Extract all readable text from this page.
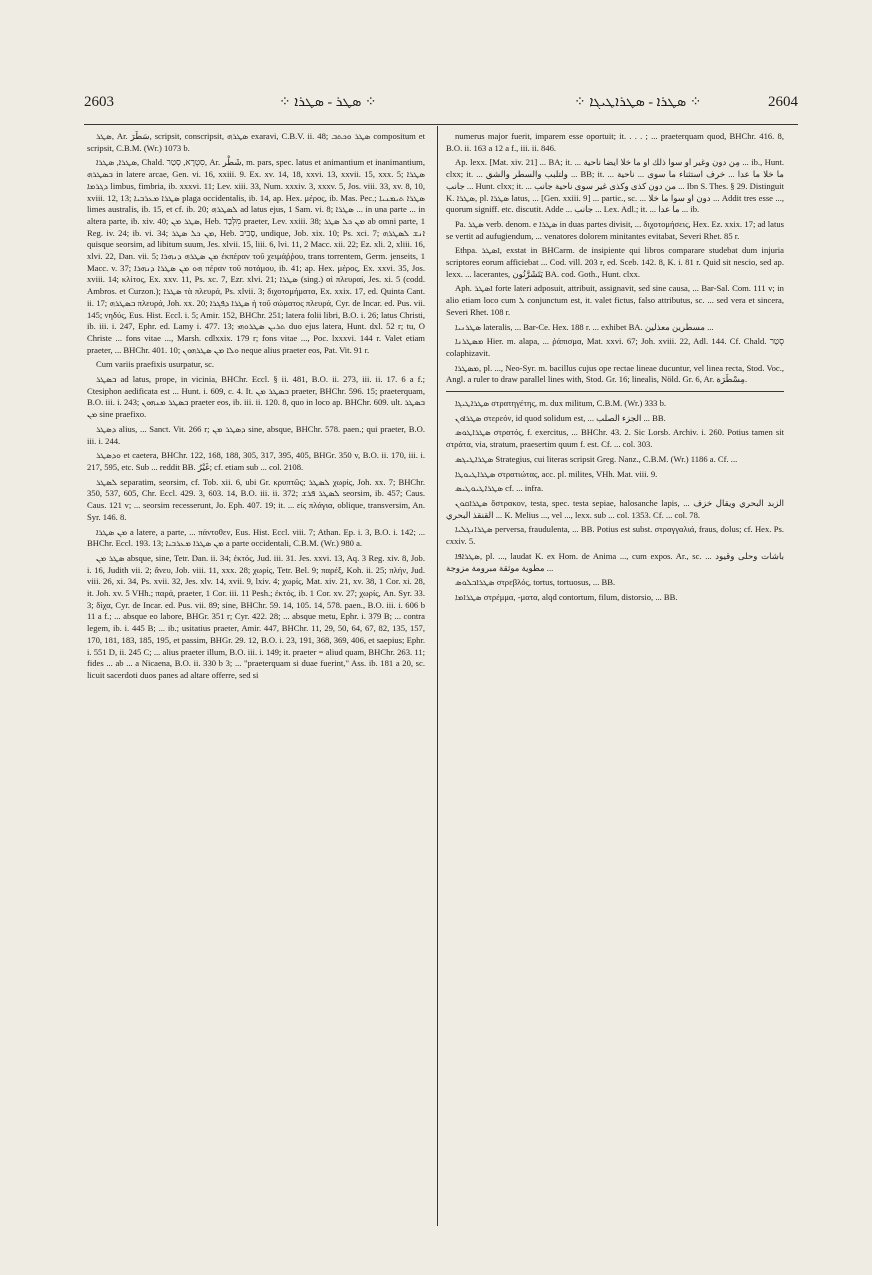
2603	⁘ ܣܛܪ - ܣܛܪܐ ⁘	⁘ ܣܛܪܐ - ܣܛܪܐܛܝܓܐ ⁘	2604

ܣܛܪ, Ar. سَطَرَ, scripsit, conscripsit, ܣܛܪܗ exaravi, C.B.V. ii. 48; ܣܛܪ ܘܟܬܒ compositum et scripsit, C.B.M. (Wr.) 1073 b.

ܣܛܪܐ, ܣܛܪܐ, Chald. סִטְרָא, סְטַר, Ar. شَطْر, m. pars, spec. latus et animantium et inanimantium, ܒܣܛܪܗ in latere arcae, Gen. vi. 16, xxiii. 9. Ex. xv. 14, 18, xxvi. 13, xxvii. 15, xxx. 5; ܣܛܪܐ ܕܓܪܡܐ limbus, fimbria, ib. xxxvi. 11; Lev. xiii. 33, Num. xxxiv. 3, xxxv. 5, Jos. viii. 33, xv. 8, 10, xviii. 12, 13; ܣܛܪܐ ܡܥܪܒܝܐ plaga occidentalis, ib. 14, ap. Hex. μέρος, ib. Mas. Pec.; ܣܛܪܐ ܬܝܡܢܝܐ limes australis, ib. 15, et cf. ib. 20; ܠܣܛܪܗ ad latus ejus, 1 Sam. vi. 8; ܣܛܪܐ ... in una parte ... in altera parte, ib. xiv. 40; ܣܛܪ ܡܢ, Heb. מִלְּבַד praeter, Lev. xxiii. 38; ܡܢ ܟܠ ܣܛܪ ab omni parte, 1 Reg. iv. 24; ib. vi. 34; ܡܢ ܟܠ ܣܛܪ, Heb. סָבִיב, undique, Job. xix. 10; Ps. xci. 7; ܐܢܫ ܠܣܛܪܗ quisque seorsim, ad libitum suum, Jes. xlvii. 15, liii. 6, lvi. 11, 2 Macc. xii. 22; Ez. xli. 2, xliii. 16, xlvi. 22, Dan. vii. 5; ܡܢ ܣܛܪܗ ܕܢܗܪܐ ἐκπέραν τοῦ χειμάῤῥου, trans torrentem, Germ. jenseits, 1 Macc. v. 37; ܗܘ ܡܢ ܣܛܪܐ ܕܢܗܪܐ πέραν τοῦ ποτάμου, ib. 41; ap. Hex. μέρος, Ex. xxvi. 35, Jos. xviii. 14; κλίτος, Ex. xxv. 11, Ps. xc. 7, Ezr. xlvi. 21; ܣܛܪܐ (sing.) αἱ πλευραί, Jes. xi. 5 (codd. Ambros. et Curzon.); ܣܛܪܐ τὰ πλευρά, Ps. xlvii. 3; διχοτομήματα, Ex. xxix. 17, ed. Quinta Cant. ii. 17; ܒܣܛܪܗ πλευρά, Joh. xx. 20; ܣܛܪܐ ܕܦܓܪܐ ἡ τοῦ σώματος πλευρά, Cyr. de Incar. ed. Pus. vii. 145; νηδύς, Eus. Hist. Eccl. i. 5; Amir. 152, BHChr. 251; latera folii libri, B.O. i. 26; latus Christi, ib. iii. i. 247, Ephr. ed. Lamy i. 477. 13; ܬܪܝܢ ܣܛܪܘܗܝ duo ejus latera, Hunt. dxl. 52 r; tu, O Christe ... fons vitae ..., Marsh. cdlxxix. 179 r; fons vitae ..., Poc. lxxxvi. 144 r. Valet etiam praeter, ... BHChr. 401. 10; ܘܠܐ ܡܢ ܣܛܪܗܘܢ neque alius praeter eos, Pat. Vit. 91 r.

Cum variis praefixis usurpatur, sc.

ܒܣܛܪ ad latus, prope, in vicinia, BHChr. Eccl. § ii. 481, B.O. ii. 273, iii. ii. 17. 6 a f.; Ctesiphon aedificata est ... Hunt. i. 609, c. 4. It. ܒܣܛܪ ܡܢ praeter, BHChr. 596. 15; praeterquam, B.O. iii. i. 243; ܒܣܛܪ ܡܢܗܘܢ praeter eos, ib. iii. ii. 120. 8, quo in loco ap. BHChr. 609. ult. ܒܣܛܪ ܡܢ sine praefixo.

ܕܣܛܪ alius, ... Sanct. Vit. 266 r; ܕܣܛܪ ܡܢ sine, absque, BHChr. 578. paen.; qui praeter, B.O. iii. i. 244.

ܘܕܣܛܪ et caetera, BHChr. 122, 168, 188, 305, 317, 395, 405, BHGr. 350 v, B.O. ii. 170, iii. i. 217, 595, etc. Sub ... reddit BB. غَيْرُ; cf. etiam sub ... col. 2108.

ܠܣܛܪ separatim, seorsim, cf. Tob. xii. 6, ubi Gr. κρυπτῶς; ܠܣܛܪ χωρίς, Joh. xx. 7; BHChr. 350, 537, 605, Chr. Eccl. 429. 3, 603. 14, B.O. iii. ii. 372; ܠܣܛܪ ܦܪܫ seorsim, ib. 457; Caus. Caus. 121 v; ... seorsim recesserunt, Jo. Eph. 407. 19; it. ... εἰς πλάγια, oblique, transversim, An. Syr. 146. 8.

ܡܢ ܣܛܪܐ a latere, a parte, ... πάντοθεν, Eus. Hist. Eccl. viii. 7; Athan. Ep. i. 3, B.O. i. 142; ... BHChr. Eccl. 193. 13; ܡܢ ܣܛܪܐ ܡܥܪܒܝܐ a parte occidentali, C.B.M. (Wr.) 980 a.

ܣܛܪ ܡܢ absque, sine, Tetr. Dan. ii. 34; ἐκτός, Jud. iii. 31. Jes. xxvi. 13, Aq. 3 Reg. xiv. 8, Job. i. 16, Judith vii. 2; ἄνευ, Job. viii. 11, xxx. 28; χωρίς, Tetr. Bel. 9; παρέξ, Koh. ii. 25; πλήν, Jud. viii. 26, xi. 34, Ps. xvii. 32, Jes. xlv. 14, xvii. 9, lxiv. 4; χωρίς, Mat. xiv. 21, xv. 38, 1 Cor. xi. 28, it. Joh. xv. 5 VHh.; παρά, praeter, 1 Cor. iii. 11 Pesh.; ἐκτός, ib. 1 Cor. xv. 27; χωρίς, An. Syr. 33. 3; δίχα, Cyr. de Incar. ed. Pus. vii. 89; sine, BHChr. 59. 14, 105. 14, 578. paen., B.O. iii. i. 606 b 11 a f.; ... absque eo labore, BHGr. 351 r; Cyr. 422. 28; ... absque metu, Ephr. i. 379 B; ... contra legem, ib. i. 445 B; ... ib.; usitatius praeter, Amir. 447, BHChr. 11, 29, 50, 64, 67, 82, 135, 157, 170, 181, 183, 185, 195, et passim, BHGr. 29. 12, B.O. i. 23, 191, 368, 369, 406, et saepius; Ephr. i. 551 D, ii. 245 C; ... alius praeter illum, B.O. iii. i. 149; it. praeter = aliud quam, BHChr. 263. 11; fides ... ab ... a Nicaena, B.O. ii. 330 b 3; ... "praeterquam si duae fuerint," Ass. ib. 181 a 20, sc. licuit sacerdoti duos panes ad altare offerre, sed si

numerus major fuerit, imparem esse oportuit; it. . . . ; ... praeterquam quod, BHChr. 416. 8, B.O. ii. 163 a 12 a f., iii. ii. 846.

Ap. lexx. [Mat. xiv. 21] ... BA; it. ... مِن دون وغير او سوا ذلك او ما خلا ايضا ناحية ... ib., Hunt. clxx; it. ... ولتلبب والسطر والشق ... BB; it. ... ما خلا ما عدا ... خرف استثناء ما سوى ... ناحية جانب ... Hunt. clxx; it. ... من دون كذى وكذى غير سوى ناحية جانب ... Ibn S. Thes. § 29. Distinguit K. ܣܛܪܐ, pl. ܣܛܪܐ latus, ... [Gen. xxiii. 9] ... partic., sc. ... دون او سوا ما خلا ... Addit tres esse ..., quorum signiff. etc. discutit. Adde ... جانب ... Lex. Adl.; it. ... ما عدا ... ib.

Pa. ܣܛܪ verb. denom. e ܣܛܪܐ in duas partes divisit, ... διχοτομήσεις, Hex. Ez. xxix. 17; ad latus se vertit ad aufugiendum, ... venatores dolorem minitantes evitabat, Severi Rhet. 85 r.

Ethpa. ܐܣܛܪ, exstat in BHCarm. de insipiente qui libros comparare studebat dum injuria scriptores eorum afficiebat ... Cod. vill. 203 r, ed. Sceb. 142. 8, K. i. 81 r. Quid sit nescio, sed ap. lexx. ... lacerantes, يَتَشَرَّنُون BA. cod. Goth., Hunt. clxx.

Aph. ܐܣܛܪ forte lateri adposuit, attribuit, assignavit, sed sine causa, ... Bar-Sal. Com. 111 v; in alio etiam loco cum ܠ conjunctum est, it. valet fictus, falso attributus, sc. ... sed vera et sincera, Severi Rhet. 108 r.

ܣܛܪܢܝܐ lateralis, ... Bar-Ce. Hex. 188 r. ... exhibet BA. مسطرين معذلين ...

ܡܣܛܪܢܐ Hier. m. alapa, ... ῥάπισμα, Mat. xxvi. 67; Joh. xviii. 22, Adl. 144. Cf. Chald. סְטַר colaphizavit.

ܡܣܛܪܐ, pl. ..., Neo-Syr. m. bacillus cujus ope rectae lineae ducuntur, vel linea recta, Stod. Voc., Angl. a ruler to draw parallel lines with, Stod. Gr. 16; linealis, Nöld. Gr. 6, Ar. مِسْطَرَة.

ܣܛܪܐܛܝܓܐ στρατηγέτης, m. dux militum, C.B.M. (Wr.) 333 b.

ܣܛܪܐܘܢ στερεόν, id quod solidum est, ... الجزء الصلب ... BB.

ܣܛܪܐܛܘܣ στρατός, f. exercitus, ... BHChr. 43. 2. Sic Lorsb. Archiv. i. 260. Potius tamen sit στράτα, via, stratum, praesertim quum f. est. Cf. ... col. 303.

ܣܛܪܐܛܝܓܣ Strategius, cui literas scripsit Greg. Nanz., C.B.M. (Wr.) 1186 a. Cf. ...

ܣܛܪܐܛܝܘܛܐ στρατιώτας, acc. pl. milites, VHh. Mat. viii. 9.

ܣܛܪܐܛܝܘܛܝܣ cf. ... infra.

ܣܛܪܐܩܘܢ ὄστρακον, testa, spec. testa sepiae, halosanche lapis, ... الزبد البحري ويقال خزف القنقذ البحري ... K. Melius ..., vel ..., lexx. sub ... col. 1353. Cf. ... col. 78.

ܣܛܪܐܢܓܠܝܐ perversa, fraudulenta, ... BB. Potius est subst. στραγγαλιά, fraus, dolus; cf. Hex. Ps. cxxiv. 5.

ܣܛܪܐܦܐ, pl. ..., laudat K. ex Hom. de Anima ..., cum expos. Ar., sc. ... باشات وحلى وقيود مطوية موثقة مبرومة مزوجة ...

ܣܛܪܐܒܠܘܣ στρεβλός, tortus, tortuosus, ... BB.

ܣܛܪܐܡܐ στρέμμα, -ματα, alqd contortum, filum, distorsio, ... BB.
